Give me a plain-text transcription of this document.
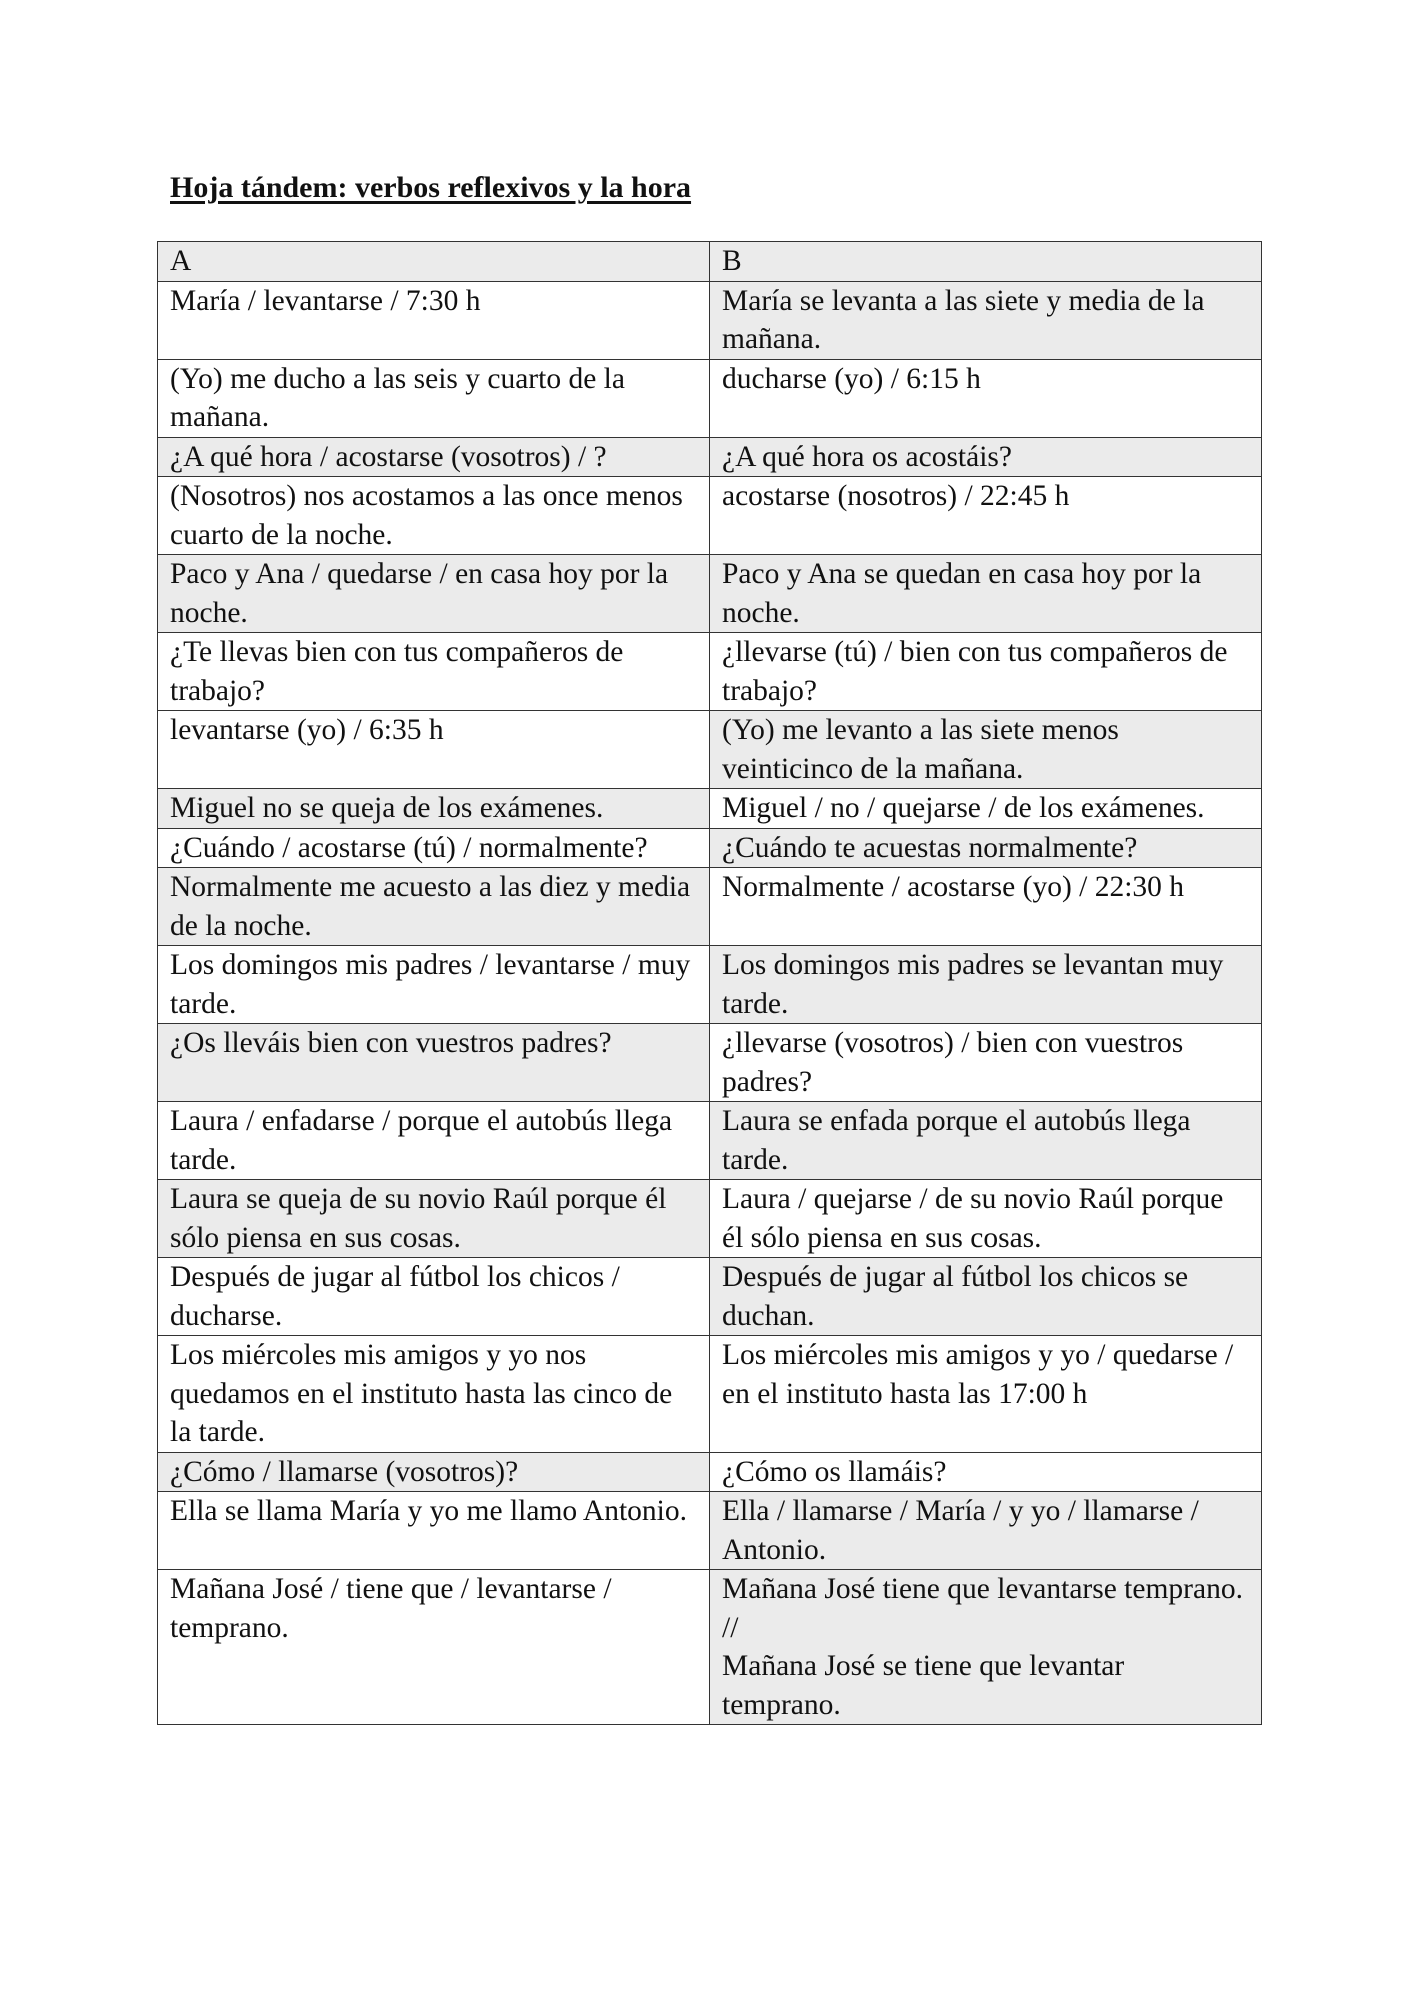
Hoja tándem: verbos reflexivos y la hora
A	B
María / levantarse / 7:30 h	María se levanta a las siete y media de la mañana.
(Yo) me ducho a las seis y cuarto de la mañana.	ducharse (yo) / 6:15 h
¿A qué hora / acostarse (vosotros) / ?	¿A qué hora os acostáis?
(Nosotros) nos acostamos a las once menos cuarto de la noche.	acostarse (nosotros) / 22:45 h
Paco y Ana / quedarse / en casa hoy por la noche.	Paco y Ana se quedan en casa hoy por la noche.
¿Te llevas bien con tus compañeros de trabajo?	¿llevarse (tú) / bien con tus compañeros de trabajo?
levantarse (yo) / 6:35 h	(Yo) me levanto a las siete menos veinticinco de la mañana.
Miguel no se queja de los exámenes.	Miguel / no / quejarse / de los exámenes.
¿Cuándo / acostarse (tú) / normalmente?	¿Cuándo te acuestas normalmente?
Normalmente me acuesto a las diez y media de la noche.	Normalmente / acostarse (yo) / 22:30 h
Los domingos mis padres / levantarse / muy tarde.	Los domingos mis padres se levantan muy tarde.
¿Os lleváis bien con vuestros padres?	¿llevarse (vosotros) / bien con vuestros padres?
Laura / enfadarse / porque el autobús llega tarde.	Laura se enfada porque el autobús llega tarde.
Laura se queja de su novio Raúl porque él sólo piensa en sus cosas.	Laura / quejarse / de su novio Raúl porque él sólo piensa en sus cosas.
Después de jugar al fútbol los chicos / ducharse.	Después de jugar al fútbol los chicos se duchan.
Los miércoles mis amigos y yo nos quedamos en el instituto hasta las cinco de la tarde.	Los miércoles mis amigos y yo / quedarse / en el instituto hasta las 17:00 h
¿Cómo / llamarse (vosotros)?	¿Cómo os llamáis?
Ella se llama María y yo me llamo Antonio.	Ella / llamarse / María / y yo / llamarse / Antonio.
Mañana José / tiene que / levantarse / temprano.	Mañana José tiene que levantarse temprano. //
Mañana José se tiene que levantar temprano.
